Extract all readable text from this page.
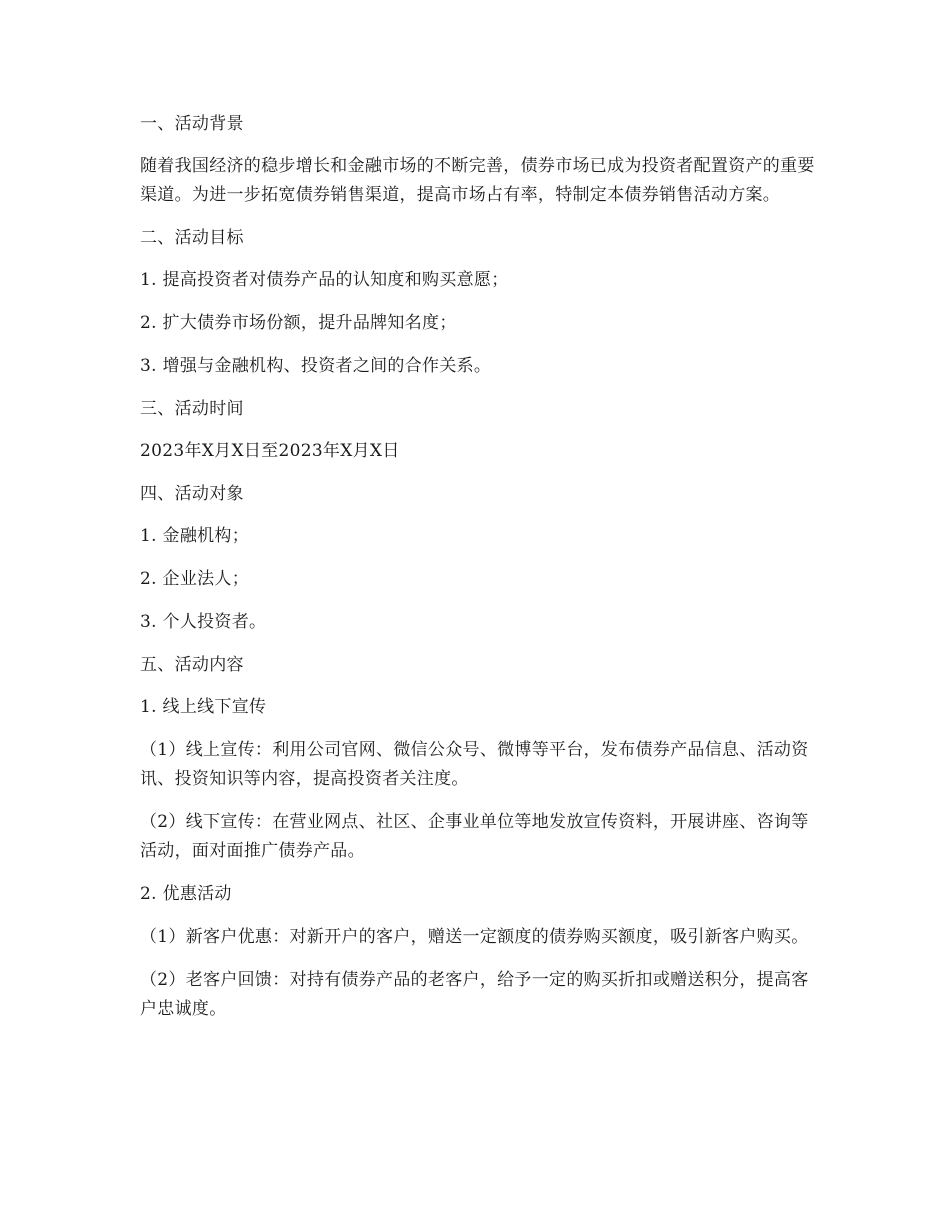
一、活动背景

随着我国经济的稳步增长和金融市场的不断完善，债券市场已成为投资者配置资产的重要渠道。为进一步拓宽债券销售渠道，提高市场占有率，特制定本债券销售活动方案。

二、活动目标

1. 提高投资者对债券产品的认知度和购买意愿；

2. 扩大债券市场份额，提升品牌知名度；

3. 增强与金融机构、投资者之间的合作关系。

三、活动时间

2023年X月X日至2023年X月X日

四、活动对象

1. 金融机构；

2. 企业法人；

3. 个人投资者。

五、活动内容

1. 线上线下宣传

（1）线上宣传：利用公司官网、微信公众号、微博等平台，发布债券产品信息、活动资讯、投资知识等内容，提高投资者关注度。

（2）线下宣传：在营业网点、社区、企事业单位等地发放宣传资料，开展讲座、咨询等活动，面对面推广债券产品。

2. 优惠活动

（1）新客户优惠：对新开户的客户，赠送一定额度的债券购买额度，吸引新客户购买。

（2）老客户回馈：对持有债券产品的老客户，给予一定的购买折扣或赠送积分，提高客户忠诚度。
